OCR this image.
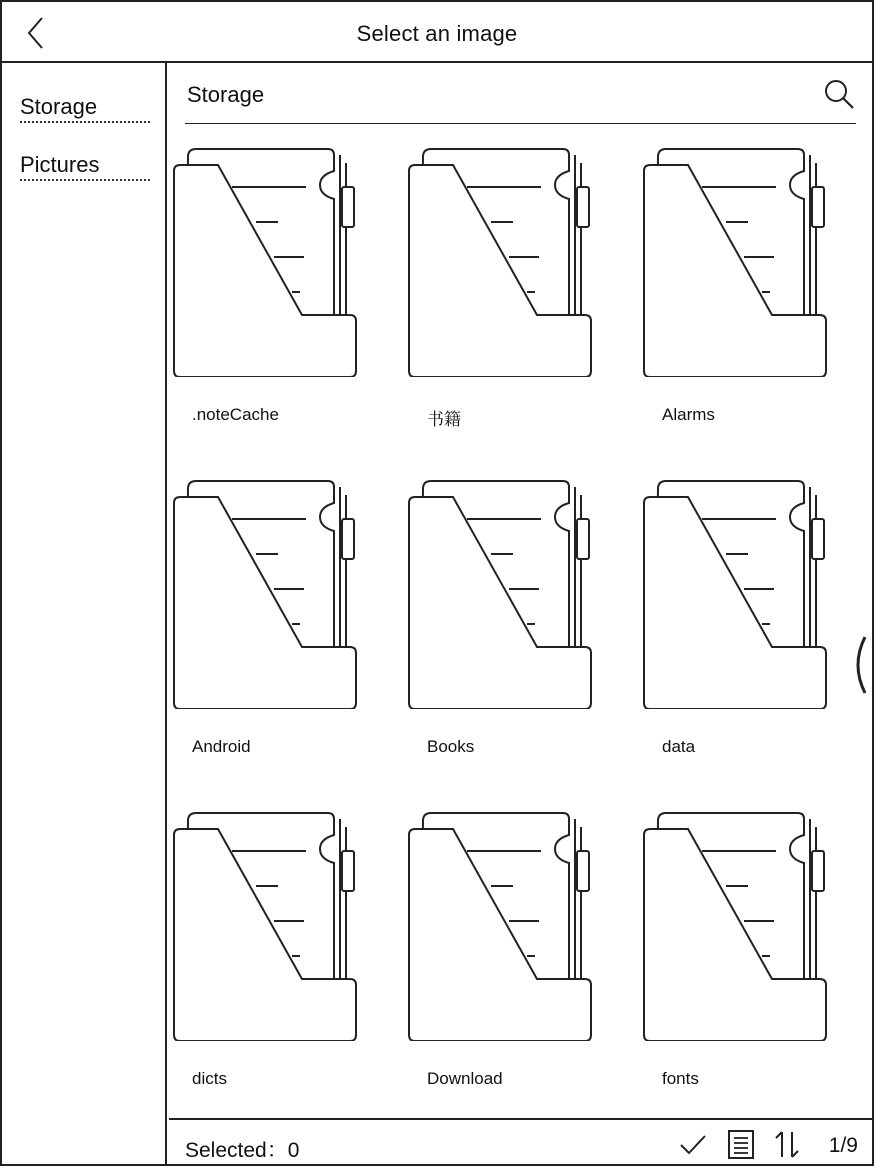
Select an image
Storage
Pictures
Storage
.noteCache	书籍	Alarms
Android	Books	data
dicts	Download	fonts
Selected：0	1/9
